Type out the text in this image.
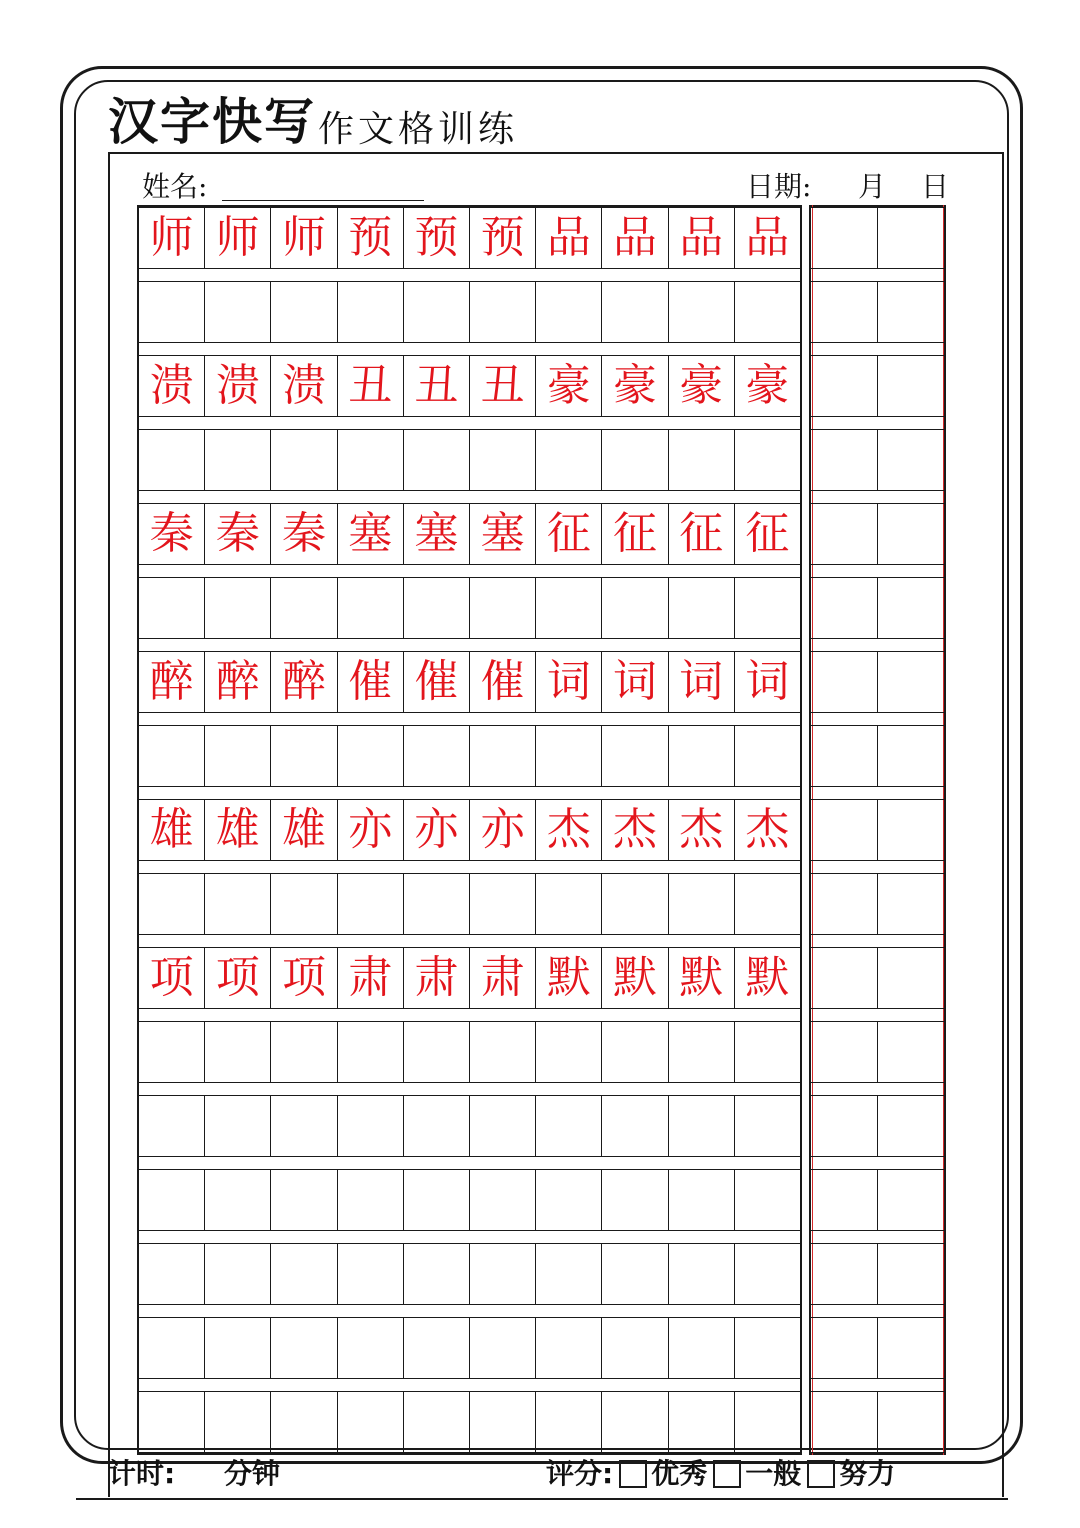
汉字快写 作文格训练
姓名:	日期: 月 日
师 师 师 预 预 预 品 品 品 品
溃 溃 溃 丑 丑 丑 豪 豪 豪 豪
秦 秦 秦 塞 塞 塞 征 征 征 征
醉 醉 醉 催 催 催 词 词 词 词
雄 雄 雄 亦 亦 亦 杰 杰 杰 杰
项 项 项 肃 肃 肃 默 默 默 默
计时: 分钟	评分: 优秀 一般 努力
